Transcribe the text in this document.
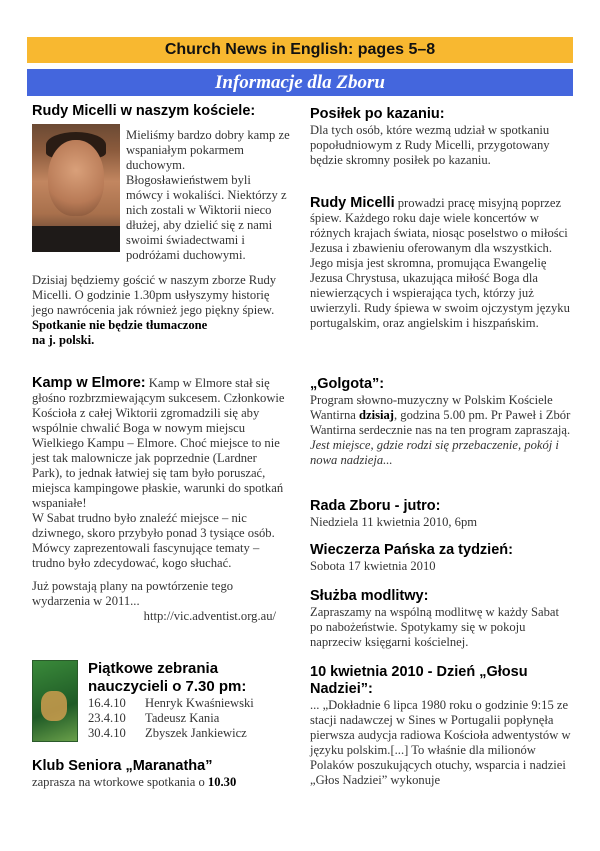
Church News in English: pages 5–8
Informacje dla Zboru
Rudy Micelli w naszym kościele:

Mieliśmy bardzo dobry kamp ze wspaniałym pokarmem duchowym. Błogosławieństwem byli mówcy i wokaliści. Niektórzy z nich zostali w Wiktorii nieco dłużej, aby dzielić się z nami swoimi świadectwami i podróżami duchowymi.

Dzisiaj będziemy gościć w naszym zborze Rudy Micelli. O godzinie 1.30pm usłyszymy historię jego nawrócenia jak również jego piękny śpiew.

Spotkanie nie będzie tłumaczone

na j. polski.

Kamp w Elmore: Kamp w Elmore stał się głośno rozbrzmiewającym sukcesem. Członkowie Kościoła z całej Wiktorii zgromadzili się aby wspólnie chwalić Boga w nowym miejscu Wielkiego Kampu – Elmore. Choć miejsce to nie jest tak malownicze jak poprzednie (Lardner Park), to jednak łatwiej się tam było poruszać, miejsca kampingowe płaskie, warunki do spotkań wspaniałe!

W Sabat trudno było znaleźć miejsce – nic dziwnego, skoro przybyło ponad 3 tysiące osób.

Mówcy zaprezentowali fascynujące tematy – trudno było zdecydować, kogo słuchać.

Już powstają plany na powtórzenie tego wydarzenia w 2011...

http://vic.adventist.org.au/

Piątkowe zebrania nauczycieli o 7.30 pm:
16.4.10	Henryk Kwaśniewski
23.4.10	Tadeusz Kania
30.4.10	Zbyszek Jankiewicz
Klub Seniora „Maranatha”

zaprasza na wtorkowe spotkania o 10.30

Posiłek po kazaniu:

Dla tych osób, które wezmą udział w spotkaniu popołudniowym z Rudy Micelli, przygotowany będzie skromny posiłek po kazaniu.

Rudy Micelli prowadzi pracę misyjną poprzez śpiew. Każdego roku daje wiele koncertów w różnych krajach świata, niosąc poselstwo o miłości Jezusa i zbawieniu oferowanym dla wszystkich. Jego misja jest skromna, promująca Ewangelię Jezusa Chrystusa, ukazująca miłość Boga dla niewierzących i wspierająca tych, którzy już uwierzyli. Rudy śpiewa w swoim ojczystym języku portugalskim, oraz angielskim i hiszpańskim.

„Golgota”:

Program słowno-muzyczny w Polskim Kościele Wantirna dzisiaj, godzina 5.00 pm. Pr Paweł i Zbór Wantirna serdecznie nas na ten program zapraszają.

Jest miejsce, gdzie rodzi się przebaczenie, pokój i nowa nadzieja...

Rada Zboru - jutro:

Niedziela 11 kwietnia 2010, 6pm

Wieczerza Pańska za tydzień:

Sobota 17 kwietnia 2010

Służba modlitwy:

Zapraszamy na wspólną modlitwę w każdy Sabat po nabożeństwie. Spotykamy się w pokoju naprzeciw księgarni kościelnej.

10 kwietnia 2010 - Dzień „Głosu Nadziei”:

... „Dokładnie 6 lipca 1980 roku o godzinie 9:15 ze stacji nadawczej w Sines w Portugalii popłynęła pierwsza audycja radiowa Kościoła adwentystów w języku polskim.[...] To właśnie dla milionów Polaków poszukujących otuchy, wsparcia i nadziei „Głos Nadziei” wykonuje
